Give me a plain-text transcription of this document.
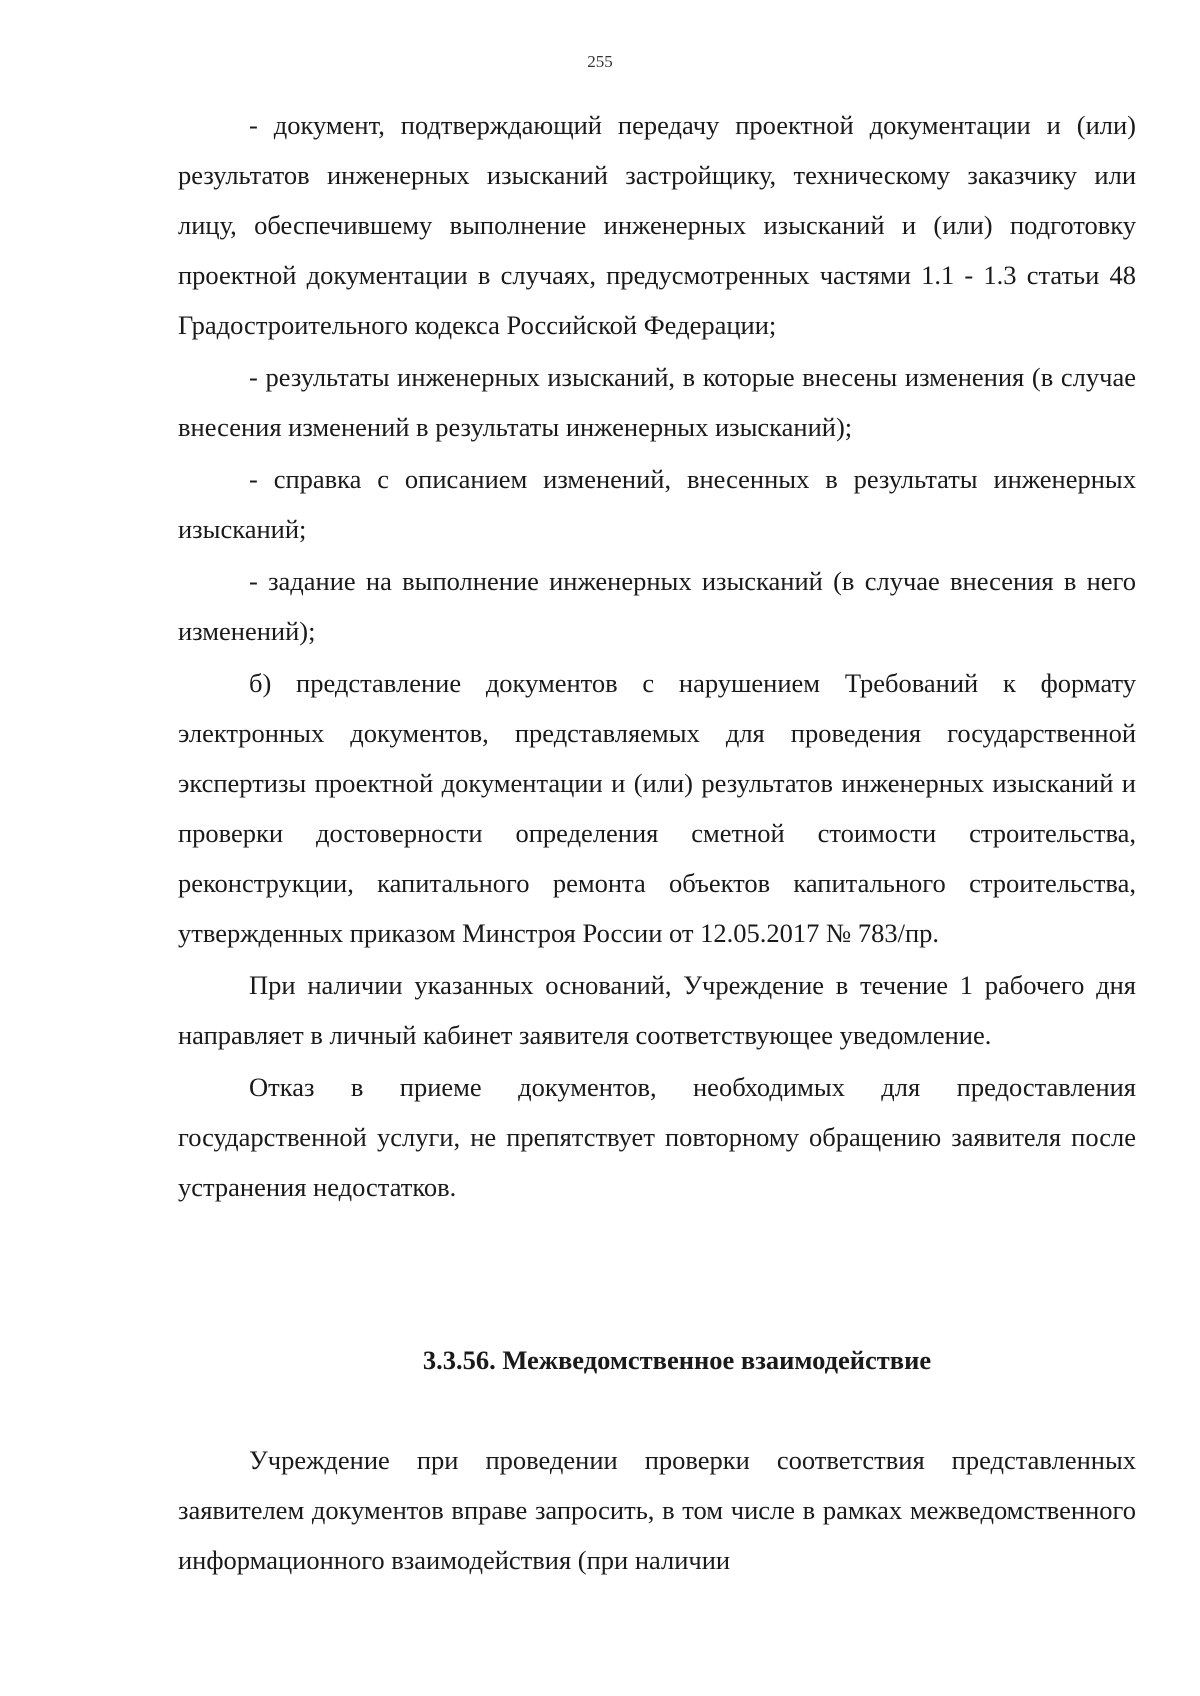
255

- документ, подтверждающий передачу проектной документации и (или) результатов инженерных изысканий застройщику, техническому заказчику или лицу, обеспечившему выполнение инженерных изысканий и (или) подготовку проектной документации в случаях, предусмотренных частями 1.1 - 1.3 статьи 48 Градостроительного кодекса Российской Федерации;

- результаты инженерных изысканий, в которые внесены изменения (в случае внесения изменений в результаты инженерных изысканий);

- справка с описанием изменений, внесенных в результаты инженерных изысканий;

- задание на выполнение инженерных изысканий (в случае внесения в него изменений);

б) представление документов с нарушением Требований к формату электронных документов, представляемых для проведения государственной экспертизы проектной документации и (или) результатов инженерных изысканий и проверки достоверности определения сметной стоимости строительства, реконструкции, капитального ремонта объектов капитального строительства, утвержденных приказом Минстроя России от 12.05.2017 № 783/пр.

При наличии указанных оснований, Учреждение в течение 1 рабочего дня направляет в личный кабинет заявителя соответствующее уведомление.

Отказ в приеме документов, необходимых для предоставления государственной услуги, не препятствует повторному обращению заявителя после устранения недостатков.

3.3.56. Межведомственное взаимодействие

Учреждение при проведении проверки соответствия представленных заявителем документов вправе запросить, в том числе в рамках межведомственного информационного взаимодействия (при наличии
